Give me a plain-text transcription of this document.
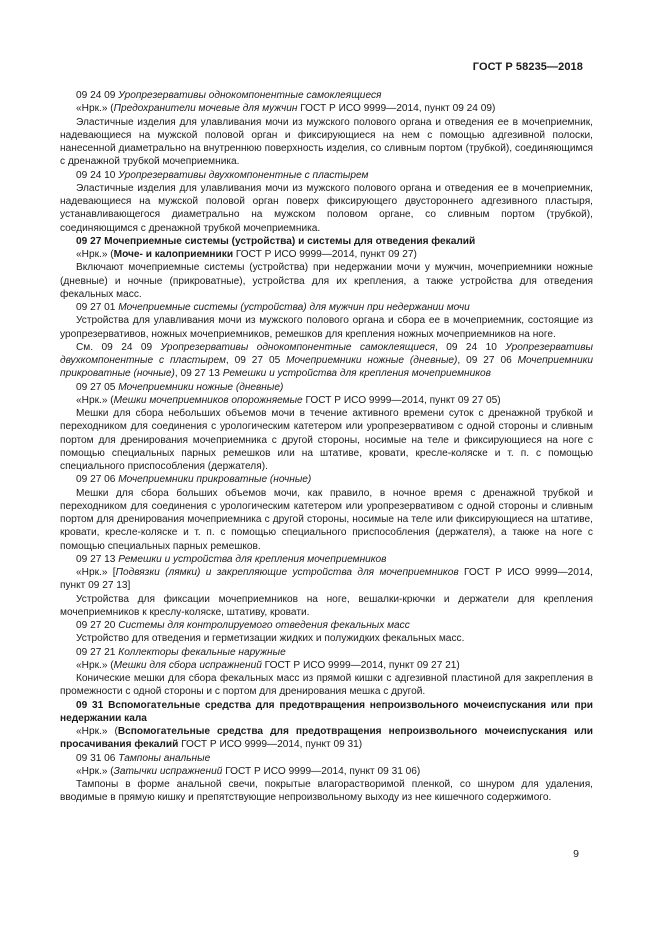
ГОСТ Р 58235—2018

09 24 09 Уропрезервативы однокомпонентные самоклеящиеся

«Нрк.» (Предохранители мочевые для мужчин ГОСТ Р ИСО 9999—2014, пункт 09 24 09)

Эластичные изделия для улавливания мочи из мужского полового органа и отведения ее в мочеприемник, надевающиеся на мужской половой орган и фиксирующиеся на нем с помощью адгезивной полоски, нанесенной диаметрально на внутреннюю поверхность изделия, со сливным портом (трубкой), соединяющимся с дренажной трубкой мочеприемника.

09 24 10 Уропрезервативы двухкомпонентные с пластырем

Эластичные изделия для улавливания мочи из мужского полового органа и отведения ее в мочеприемник, надевающиеся на мужской половой орган поверх фиксирующего двустороннего адгезивного пластыря, устанавливающегося диаметрально на мужском половом органе, со сливным портом (трубкой), соединяющимся с дренажной трубкой мочеприемника.

09 27 Мочеприемные системы (устройства) и системы для отведения фекалий

«Нрк.» (Моче- и калоприемники ГОСТ Р ИСО 9999—2014, пункт 09 27)

Включают мочеприемные системы (устройства) при недержании мочи у мужчин, мочеприемники ножные (дневные) и ночные (прикроватные), устройства для их крепления, а также устройства для отведения фекальных масс.

09 27 01 Мочеприемные системы (устройства) для мужчин при недержании мочи

Устройства для улавливания мочи из мужского полового органа и сбора ее в мочеприемник, состоящие из уропрезервативов, ножных мочеприемников, ремешков для крепления ножных мочеприемников на ноге.

См. 09 24 09 Уропрезервативы однокомпонентные самоклеящиеся, 09 24 10 Уропрезервативы двухкомпонентные с пластырем, 09 27 05 Мочеприемники ножные (дневные), 09 27 06 Мочеприемники прикроватные (ночные), 09 27 13 Ремешки и устройства для крепления мочеприемников

09 27 05 Мочеприемники ножные (дневные)

«Нрк.» (Мешки мочеприемников опорожняемые ГОСТ Р ИСО 9999—2014, пункт 09 27 05)

Мешки для сбора небольших объемов мочи в течение активного времени суток с дренажной трубкой и переходником для соединения с урологическим катетером или уропрезервативом с одной стороны и сливным портом для дренирования мочеприемника с другой стороны, носимые на теле и фиксирующиеся на ноге с помощью специальных парных ремешков или на штативе, кровати, кресле-коляске и т. п. с помощью специального приспособления (держателя).

09 27 06 Мочеприемники прикроватные (ночные)

Мешки для сбора больших объемов мочи, как правило, в ночное время с дренажной трубкой и переходником для соединения с урологическим катетером или уропрезервативом с одной стороны и сливным портом для дренирования мочеприемника с другой стороны, носимые на теле или фиксирующиеся на штативе, кровати, кресле-коляске и т. п. с помощью специального приспособления (держателя), а также на ноге с помощью специальных парных ремешков.

09 27 13 Ремешки и устройства для крепления мочеприемников

«Нрк.» [Подвязки (лямки) и закрепляющие устройства для мочеприемников ГОСТ Р ИСО 9999—2014, пункт 09 27 13]

Устройства для фиксации мочеприемников на ноге, вешалки-крючки и держатели для крепления мочеприемников к креслу-коляске, штативу, кровати.

09 27 20 Системы для контролируемого отведения фекальных масс

Устройство для отведения и герметизации жидких и полужидких фекальных масс.

09 27 21 Коллекторы фекальные наружные

«Нрк.» (Мешки для сбора испражнений ГОСТ Р ИСО 9999—2014, пункт 09 27 21)

Конические мешки для сбора фекальных масс из прямой кишки с адгезивной пластиной для закрепления в промежности с одной стороны и с портом для дренирования мешка с другой.

09 31 Вспомогательные средства для предотвращения непроизвольного мочеиспускания или при недержании кала

«Нрк.» (Вспомогательные средства для предотвращения непроизвольного мочеиспускания или просачивания фекалий ГОСТ Р ИСО 9999—2014, пункт 09 31)

09 31 06 Тампоны анальные

«Нрк.» (Затычки испражнений ГОСТ Р ИСО 9999—2014, пункт 09 31 06)

Тампоны в форме анальной свечи, покрытые влагорастворимой пленкой, со шнуром для удаления, вводимые в прямую кишку и препятствующие непроизвольному выходу из нее кишечного содержимого.

9
